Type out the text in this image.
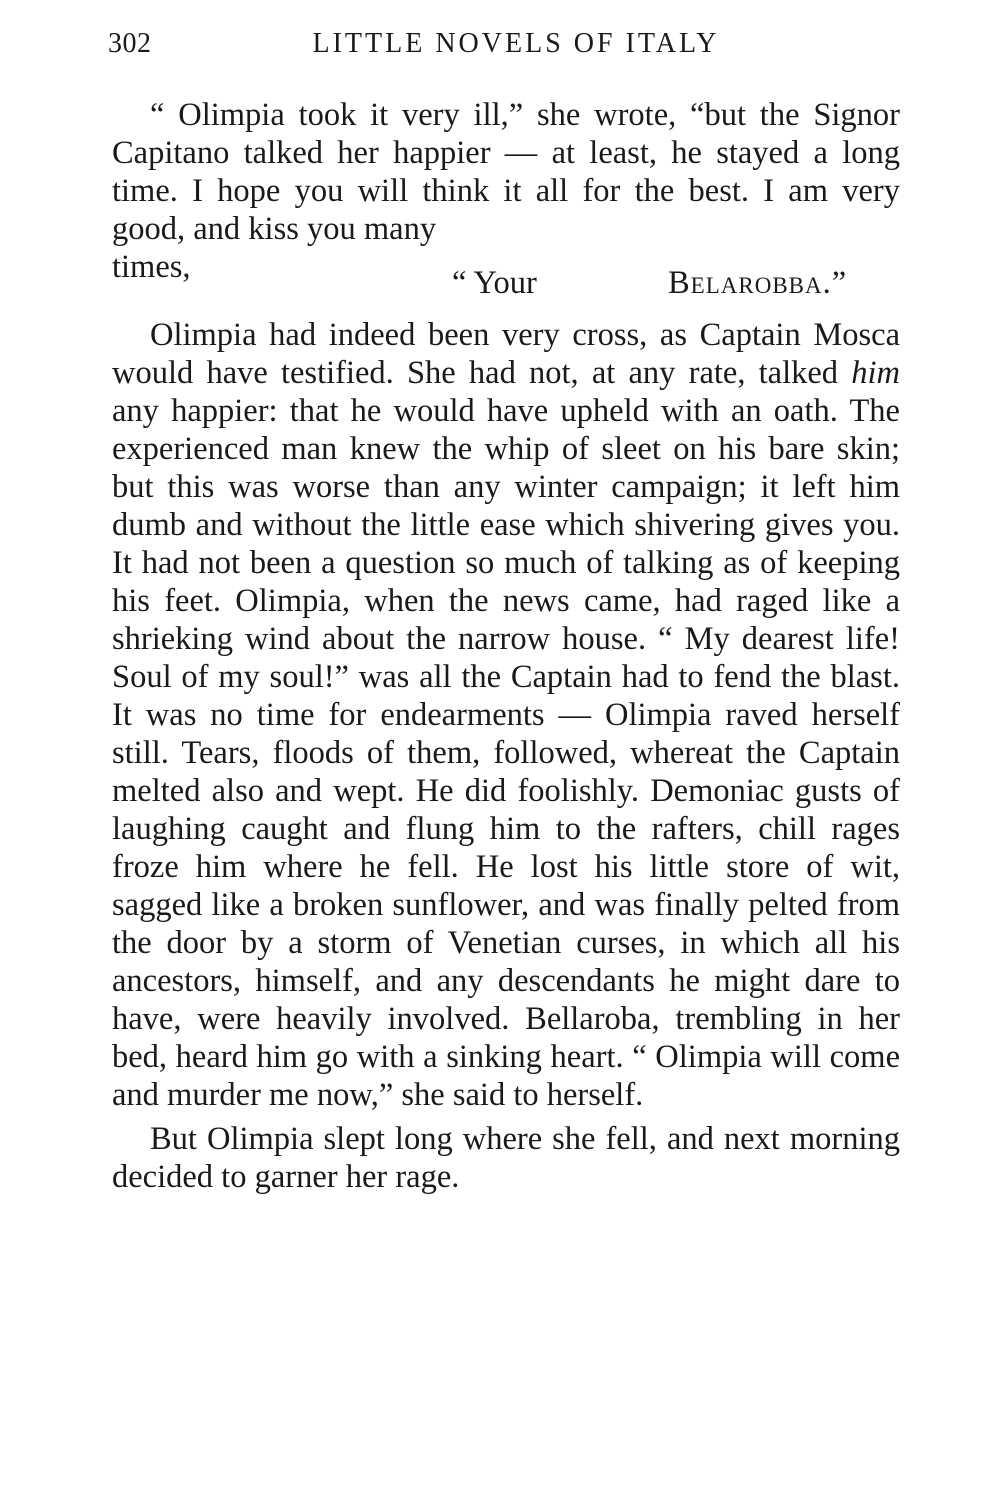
302	LITTLE NOVELS OF ITALY

“ Olimpia took it very ill,” she wrote, “but the Signor Capitano talked her happier — at least, he stayed a long time. I hope you will think it all for the best. I am very good, and kiss you many

times,	“ Your	Belarobba.”

Olimpia had indeed been very cross, as Captain Mosca would have testified. She had not, at any rate, talked him any happier: that he would have upheld with an oath. The experienced man knew the whip of sleet on his bare skin; but this was worse than any winter campaign; it left him dumb and without the little ease which shivering gives you. It had not been a question so much of talking as of keeping his feet. Olimpia, when the news came, had raged like a shrieking wind about the narrow house. “ My dearest life! Soul of my soul!” was all the Captain had to fend the blast. It was no time for endearments — Olimpia raved herself still. Tears, floods of them, followed, whereat the Captain melted also and wept. He did foolishly. Demoniac gusts of laughing caught and flung him to the rafters, chill rages froze him where he fell. He lost his little store of wit, sagged like a broken sunflower, and was finally pelted from the door by a storm of Venetian curses, in which all his ancestors, himself, and any descendants he might dare to have, were heavily involved. Bellaroba, trembling in her bed, heard him go with a sinking heart. “ Olimpia will come and murder me now,” she said to herself.

But Olimpia slept long where she fell, and next morning decided to garner her rage.
